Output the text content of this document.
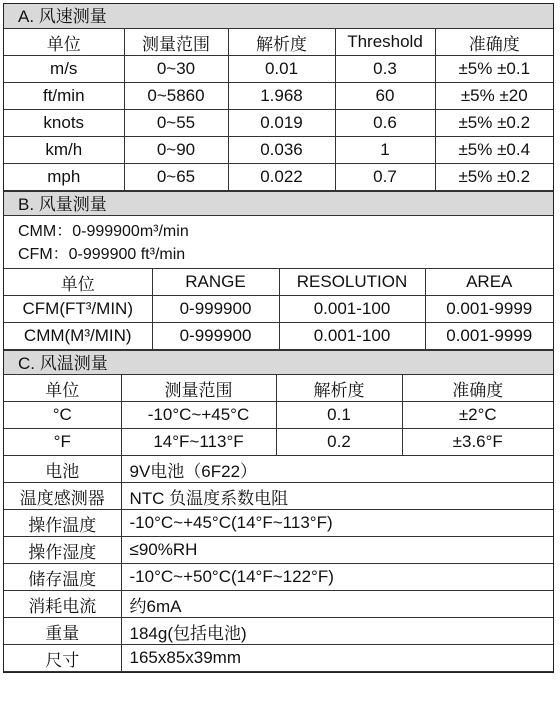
A. 风速测量
单位	测量范围	解析度	Threshold	准确度
m/s	0~30	0.01	0.3	±5% ±0.1
ft/min	0~5860	1.968	60	±5% ±20
knots	0~55	0.019	0.6	±5% ±0.2
km/h	0~90	0.036	1	±5% ±0.4
mph	0~65	0.022	0.7	±5% ±0.2
B. 风量测量
CMM：0-999900m³/min
CFM：0-999900 ft³/min
单位	RANGE	RESOLUTION	AREA
CFM(FT³/MIN)	0-999900	0.001-100	0.001-9999
CMM(M³/MIN)	0-999900	0.001-100	0.001-9999
C. 风温测量
单位	测量范围	解析度	准确度
°C	-10°C~+45°C	0.1	±2°C
°F	14°F~113°F	0.2	±3.6°F
电池	9V电池（6F22）
温度感测器	NTC 负温度系数电阻
操作温度	-10°C~+45°C(14°F~113°F)
操作湿度	≤90%RH
储存温度	-10°C~+50°C(14°F~122°F)
消耗电流	约6mA
重量	184g(包括电池)
尺寸	165x85x39mm
